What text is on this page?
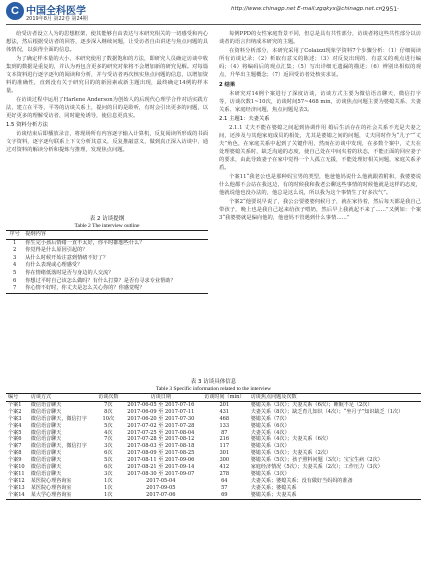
C 中国全科医学
2019年8月 第22卷 第24期
http://www.chinagp.net E-mail:zgqkyx@chinagp.net.cn
·2951·

给受访者设立人为的思想框架，使其能够自由表达与本研究相关的一切感受和内心想法，然后根据受访者的回答，逐步深入继续问题，让受访者自由讲述与焦点问题的具体情况，以获得全面的信息。

为了确定样本量的大小，本研究使用了数据饱和的方法，即研究人员确定访谈中收集到的数据是重复的，并认为再包含更多的研究对象将不会增加新的研究见解。对每篇文本资料进行逐字逐句的阅读和分析，并与受访者再次核实焦点问题的信息，以增加资料的准确性，直到没有关于研究目的的新因素或新主题出现，最终确定14例的样本量。

在访谈过程中运用了Harlene Anderson为创始人的后现代心理学合作对话实践方法，建立在平等、平等的访谈关系上，提问的目的是聆听，有时会引出更多的问题，以更好更多的理解受访者，同时避免诱导，使信息更真实。

1.5 资料分析方法

访谈结束后即播放录音，将现场所有内容逐字输入计算机，反复阅读所形成的书面文字资料，逐字逐句联系上下文分析其意义，反复推敲意义，做到真正深入访谈中，通过对资料的解读分析和提炼与推理，发现焦点问题。

表 2 访谈提纲
Table 2 The interview outline
序号	提纲内容
1	你生完小孩后情绪一直不太好，你平时都想些什么？
2	你觉得是什么原因引起的？
3	从什么时候开始注意到情绪不好了？
4	有什么表现或心理感受？
5	你在情绪低落时是否与身边的人交流？
6	你想过平时自己该怎么做吗？有什么打算？是否有寻求专业帮助？
7	你心情不好时，你丈夫是怎么关心你的？你感觉呢？

每例PPD的女性家庭背景不同，但总是具有共性部分，访谈者将这些共性部分以访谈者的语言归纳成本研究的主题。

在资料分析部分，本研究采用了Colaizzi现象学资料7个步骤分析：（1）仔细阅读所有访谈记录；（2）析取有意义的陈述；（3）对反复出现的、有意义的观点进行编码；（4）将编码后的观点汇集；（5）写出详细无遗漏的描述；（6）辨别出相似的观点，升华出主题概念；（7）返回受访者处核实求证。

2 结果

本研究对14例个案进行了深度访谈，访谈方式主要为微信语音聊天，微信打字等，访谈次数1~10次，访谈时间57~468 min，访谈焦点问题主要为婆媳关系、夫妻关系、家庭经济问题，焦点问题见表3。

2.1 主题1：夫妻关系

2.1.1 丈夫不能在婆媳之间起到协调作用 婚后生活存在的社会关系不光是夫妻之间，还涉及与其他家庭成员的相处，尤其是婆媳之间的问题，丈夫同时作为“儿子”“丈夫”角色，在家庭关系中起到了关键作用，然而在访谈中发现，在多数个案中，丈夫在处理婆媳关系时，缺乏沟通的态度，使自己处在中间夹着的状态，不能正面的回应妻子的要求，由此导致妻子在家中觉得一个人孤立无援，不能处理好相关问题，家庭关系矛盾。

个案11“我老公也是那种妈宝男的类型，他爸他妈说什么他就跟着附和，我婆婆说什么他都不会站在我这边，有的时候我和我老公聊这些事情的时候他就是这样的态度，他就说他也没办法的，他总是这么说，所以我为这个事情生了好多次气”。

个案2“他要说早说了，我公公要婆婆伺候月子，就在家待着，然后每天都是我自己带孩子，晚上也是我自己起来给孩子喂奶，然后早上我就起不来了……”又例如：个案3“我婆婆就是偏向他的，他爸妈不管遇到什么事情……”

表 3 访谈具体信息
Table 3 Specific information related to the interview
编号	访谈方式	访谈次数	访谈日期	访谈时间（min）	访谈焦点问题及次数
个案1	微信语音聊天	7次	2017-06-05 至 2017-07-16	201	婆媳关系（3次）；夫妻关系（6次）；睡眠不足（2次）
个案2	微信语音聊天	8次	2017-06-09 至 2017-07-11	431	夫妻关系（8次）；缺乏育儿知识（4次）；“坐月子”知识缺乏（1次）
个案3	微信语音聊天，微信打字	10次	2017-06-20 至 2017-07-30	468	婆媳关系（7次）
个案4	微信语音聊天	5次	2017-07-02 至 2017-07-28	133	婆媳关系（6次）
个案5	微信语音聊天	4次	2017-07-25 至 2017-08-04	87	夫妻关系（4次）
个案6	微信语音聊天	7次	2017-07-28 至 2017-08-12	216	婆媳关系（4次）；夫妻关系（6次）
个案7	微信语音聊天，微信打字	3次	2017-08-03 至 2017-08-18	117	婆媳关系（3次）
个案8	微信语音聊天	6次	2017-08-09 至 2017-08-25	301	婆媳关系（5次）；夫妻关系（2次）
个案9	微信语音聊天	5次	2017-08-11 至 2017-09-06	300	婆媳关系（5次）；孩子照料问题（3次）；宝宝生病（2次）
个案10	微信语音聊天	6次	2017-08-21 至 2017-09-14	412	家庭经济情况（5次）；夫妻关系（2次）；工作压力（3次）
个案11	微信语音聊天	3次	2017-08-30 至 2017-09-07	278	婆媳关系（3次）
个案12	某医院心理咨询室	1次	2017-05-04	64	夫妻关系；婆媳关系；没有做好当妈妈的准备
个案13	某医院心理咨询室	1次	2017-09-05	57	夫妻关系；婆媳关系
个案14	某大学心理咨询室	1次	2017-07-06	69	婆媳关系；夫妻关系
